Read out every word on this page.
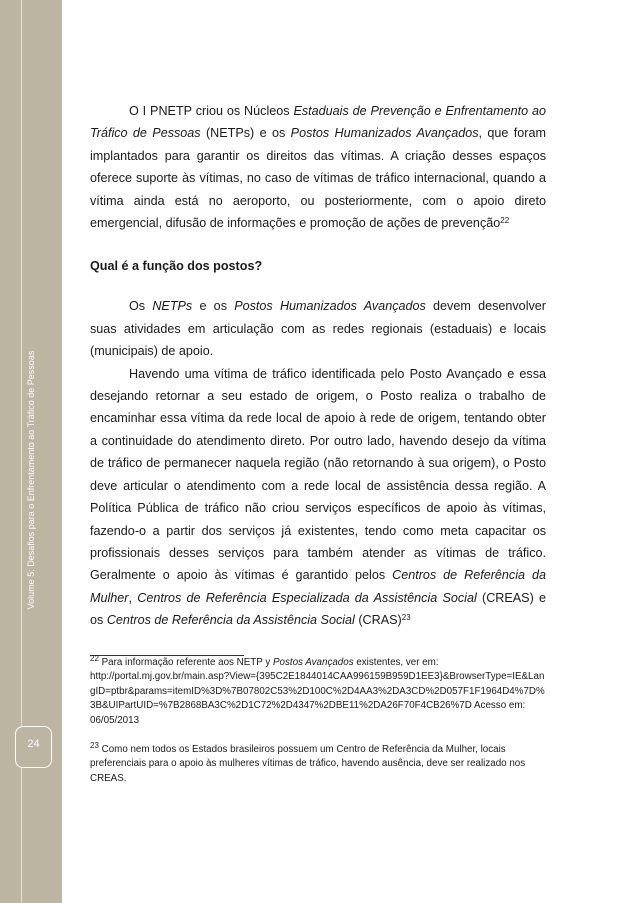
Volume 5: Desafios para o Enfrentamento ao Tráfico de Pessoas
24

O I PNETP criou os Núcleos Estaduais de Prevenção e Enfrentamento ao Tráfico de Pessoas (NETPs) e os Postos Humanizados Avançados, que foram implantados para garantir os direitos das vítimas. A criação desses espaços oferece suporte às vítimas, no caso de vítimas de tráfico internacional, quando a vítima ainda está no aeroporto, ou posteriormente, com o apoio direto emergencial, difusão de informações e promoção de ações de prevenção$^{22}$

Qual é a função dos postos?

Os NETPs e os Postos Humanizados Avançados devem desenvolver suas atividades em articulação com as redes regionais (estaduais) e locais (municipais) de apoio.

Havendo uma vítima de tráfico identificada pelo Posto Avançado e essa desejando retornar a seu estado de origem, o Posto realiza o trabalho de encaminhar essa vítima da rede local de apoio à rede de origem, tentando obter a continuidade do atendimento direto. Por outro lado, havendo desejo da vítima de tráfico de permanecer naquela região (não retornando à sua origem), o Posto deve articular o atendimento com a rede local de assistência dessa região. A Política Pública de tráfico não criou serviços específicos de apoio às vítimas, fazendo-o a partir dos serviços já existentes, tendo como meta capacitar os profissionais desses serviços para também atender as vítimas de tráfico. Geralmente o apoio às vítimas é garantido pelos Centros de Referência da Mulher, Centros de Referência Especializada da Assistência Social (CREAS) e os Centros de Referência da Assistência Social (CRAS)$^{23}$

$^{22}$ Para informação referente aos NETP y Postos Avançados existentes, ver em:
http://portal.mj.gov.br/main.asp?View={395C2E1844014CAA996159B959D1EE3}&BrowserType=IE&LangID=ptbr&params=itemID%3D%7B07802C53%2D100C%2D4AA3%2DA3CD%2D057F1F1964D4%7D%3B&UIPartUID=%7B2868BA3C%2D1C72%2D4347%2DBE11%2DA26F70F4CB26%7D Acesso em: 06/05/2013

$^{23}$ Como nem todos os Estados brasileiros possuem um Centro de Referência da Mulher, locais preferenciais para o apoio às mulheres vítimas de tráfico, havendo ausência, deve ser realizado nos CREAS.
